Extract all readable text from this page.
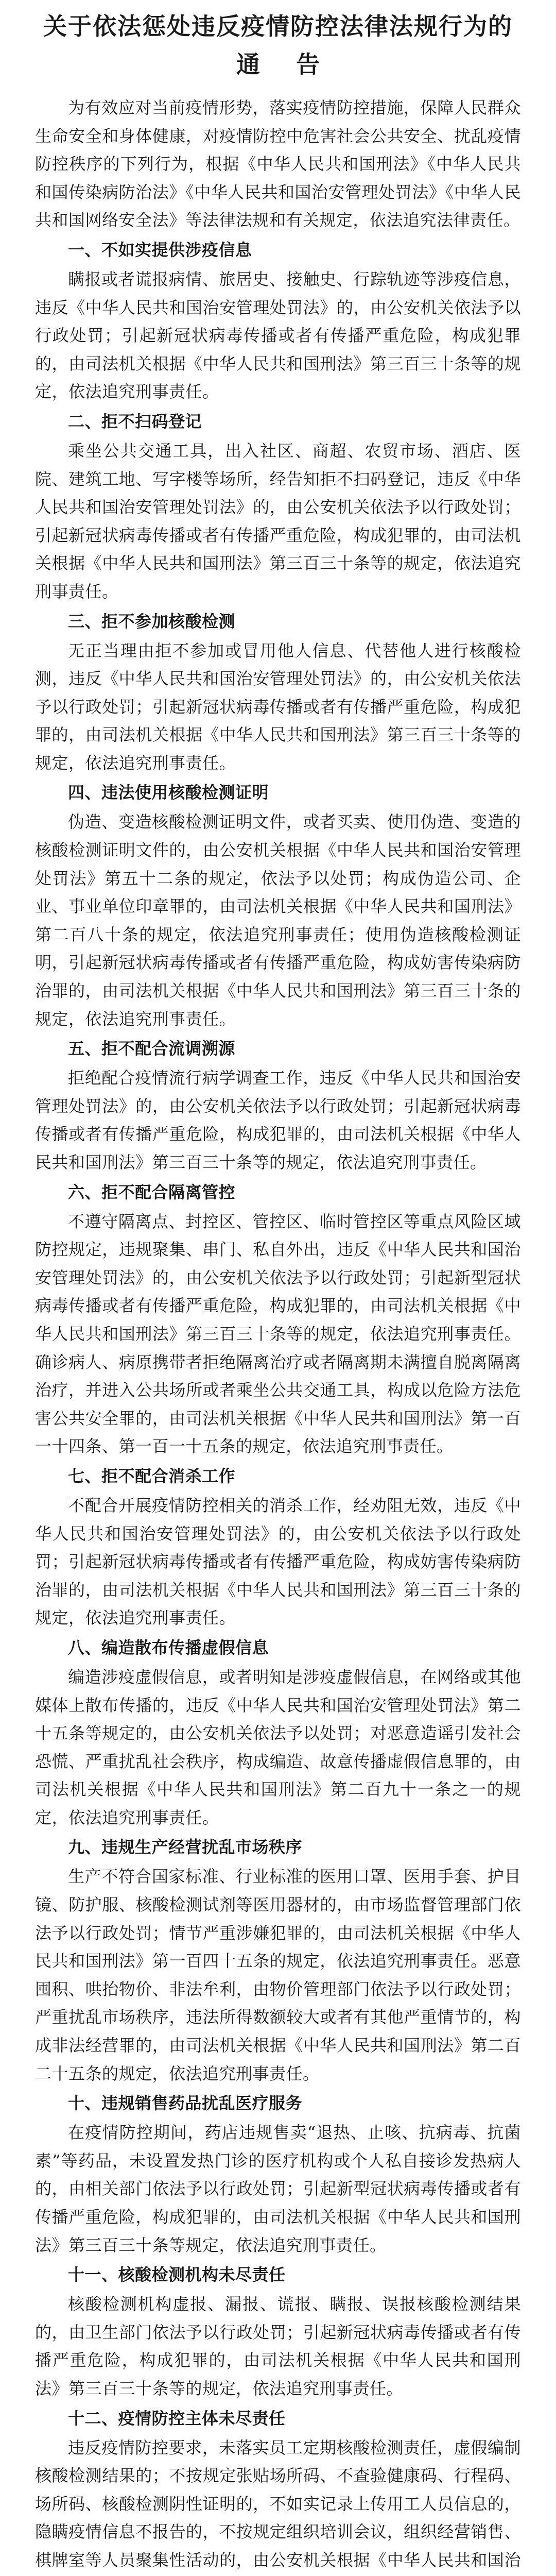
关于依法惩处违反疫情防控法律法规行为的
通告

为有效应对当前疫情形势，落实疫情防控措施，保障人民群众生命安全和身体健康，对疫情防控中危害社会公共安全、扰乱疫情防控秩序的下列行为，根据《中华人民共和国刑法》《中华人民共和国传染病防治法》《中华人民共和国治安管理处罚法》《中华人民共和国网络安全法》等法律法规和有关规定，依法追究法律责任。

一、不如实提供涉疫信息

瞒报或者谎报病情、旅居史、接触史、行踪轨迹等涉疫信息，违反《中华人民共和国治安管理处罚法》的，由公安机关依法予以行政处罚；引起新冠状病毒传播或者有传播严重危险，构成犯罪的，由司法机关根据《中华人民共和国刑法》第三百三十条等的规定，依法追究刑事责任。

二、拒不扫码登记

乘坐公共交通工具，出入社区、商超、农贸市场、酒店、医院、建筑工地、写字楼等场所，经告知拒不扫码登记，违反《中华人民共和国治安管理处罚法》的，由公安机关依法予以行政处罚；引起新冠状病毒传播或者有传播严重危险，构成犯罪的，由司法机关根据《中华人民共和国刑法》第三百三十条等的规定，依法追究刑事责任。

三、拒不参加核酸检测

无正当理由拒不参加或冒用他人信息、代替他人进行核酸检测，违反《中华人民共和国治安管理处罚法》的，由公安机关依法予以行政处罚；引起新冠状病毒传播或者有传播严重危险，构成犯罪的，由司法机关根据《中华人民共和国刑法》第三百三十条等的规定，依法追究刑事责任。

四、违法使用核酸检测证明

伪造、变造核酸检测证明文件，或者买卖、使用伪造、变造的核酸检测证明文件的，由公安机关根据《中华人民共和国治安管理处罚法》第五十二条的规定，依法予以处罚；构成伪造公司、企业、事业单位印章罪的，由司法机关根据《中华人民共和国刑法》第二百八十条的规定，依法追究刑事责任；使用伪造核酸检测证明，引起新冠状病毒传播或者有传播严重危险，构成妨害传染病防治罪的，由司法机关根据《中华人民共和国刑法》第三百三十条的规定，依法追究刑事责任。

五、拒不配合流调溯源

拒绝配合疫情流行病学调查工作，违反《中华人民共和国治安管理处罚法》的，由公安机关依法予以行政处罚；引起新冠状病毒传播或者有传播严重危险，构成犯罪的，由司法机关根据《中华人民共和国刑法》第三百三十条等的规定，依法追究刑事责任。

六、拒不配合隔离管控

不遵守隔离点、封控区、管控区、临时管控区等重点风险区域防控规定，违规聚集、串门、私自外出，违反《中华人民共和国治安管理处罚法》的，由公安机关依法予以行政处罚；引起新型冠状病毒传播或者有传播严重危险，构成犯罪的，由司法机关根据《中华人民共和国刑法》第三百三十条等的规定，依法追究刑事责任。确诊病人、病原携带者拒绝隔离治疗或者隔离期未满擅自脱离隔离治疗，并进入公共场所或者乘坐公共交通工具，构成以危险方法危害公共安全罪的，由司法机关根据《中华人民共和国刑法》第一百一十四条、第一百一十五条的规定，依法追究刑事责任。

七、拒不配合消杀工作

不配合开展疫情防控相关的消杀工作，经劝阻无效，违反《中华人民共和国治安管理处罚法》的，由公安机关依法予以行政处罚；引起新冠状病毒传播或者有传播严重危险，构成妨害传染病防治罪的，由司法机关根据《中华人民共和国刑法》第三百三十条的规定，依法追究刑事责任。

八、编造散布传播虚假信息

编造涉疫虚假信息，或者明知是涉疫虚假信息，在网络或其他媒体上散布传播的，违反《中华人民共和国治安管理处罚法》第二十五条等规定的，由公安机关依法予以处罚；对恶意造谣引发社会恐慌、严重扰乱社会秩序，构成编造、故意传播虚假信息罪的，由司法机关根据《中华人民共和国刑法》第二百九十一条之一的规定，依法追究刑事责任。

九、违规生产经营扰乱市场秩序

生产不符合国家标准、行业标准的医用口罩、医用手套、护目镜、防护服、核酸检测试剂等医用器材的，由市场监督管理部门依法予以行政处罚；情节严重涉嫌犯罪的，由司法机关根据《中华人民共和国刑法》第一百四十五条的规定，依法追究刑事责任。恶意囤积、哄抬物价、非法牟利，由物价管理部门依法予以行政处罚；严重扰乱市场秩序，违法所得数额较大或者有其他严重情节的，构成非法经营罪的，由司法机关根据《中华人民共和国刑法》第二百二十五条的规定，依法追究刑事责任。

十、违规销售药品扰乱医疗服务

在疫情防控期间，药店违规售卖“退热、止咳、抗病毒、抗菌素”等药品，未设置发热门诊的医疗机构或个人私自接诊发热病人的，由相关部门依法予以行政处罚；引起新型冠状病毒传播或者有传播严重危险，构成犯罪的，由司法机关根据《中华人民共和国刑法》第三百三十条等规定，依法追究刑事责任。

十一、核酸检测机构未尽责任

核酸检测机构虚报、漏报、谎报、瞒报、误报核酸检测结果的，由卫生部门依法予以行政处罚；引起新冠状病毒传播或者有传播严重危险，构成犯罪的，由司法机关根据《中华人民共和国刑法》第三百三十条等的规定，依法追究刑事责任。

十二、疫情防控主体未尽责任

违反疫情防控要求，未落实员工定期核酸检测责任，虚假编制核酸检测结果的；不按规定张贴场所码、不查验健康码、行程码、场所码、核酸检测阴性证明的，不如实记录上传用工人员信息的，隐瞒疫情信息不报告的，不按规定组织培训会议，组织经营销售、棋牌室等人员聚集性活动的，由公安机关根据《中华人民共和国治
